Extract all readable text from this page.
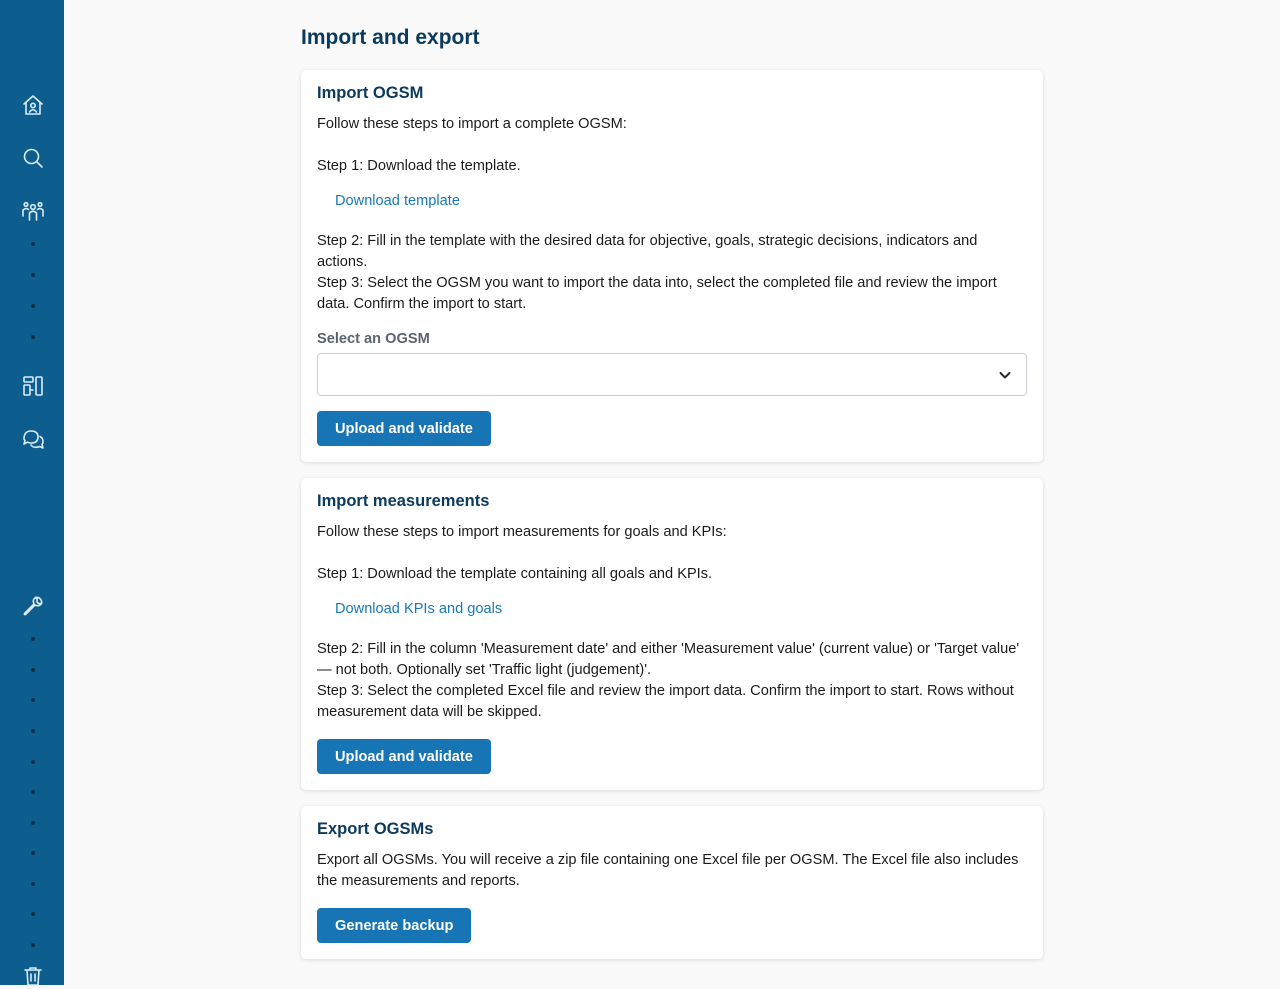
Import and export
Import OGSM
Follow these steps to import a complete OGSM:
Step 1: Download the template.
Download template
Step 2: Fill in the template with the desired data for objective, goals, strategic decisions, indicators and actions.
Step 3: Select the OGSM you want to import the data into, select the completed file and review the import data. Confirm the import to start.
Select an OGSM
Upload and validate
Import measurements
Follow these steps to import measurements for goals and KPIs:
Step 1: Download the template containing all goals and KPIs.
Download KPIs and goals
Step 2: Fill in the column 'Measurement date' and either 'Measurement value' (current value) or 'Target value' — not both. Optionally set 'Traffic light (judgement)'.
Step 3: Select the completed Excel file and review the import data. Confirm the import to start. Rows without measurement data will be skipped.
Upload and validate
Export OGSMs
Export all OGSMs. You will receive a zip file containing one Excel file per OGSM. The Excel file also includes the measurements and reports.
Generate backup
